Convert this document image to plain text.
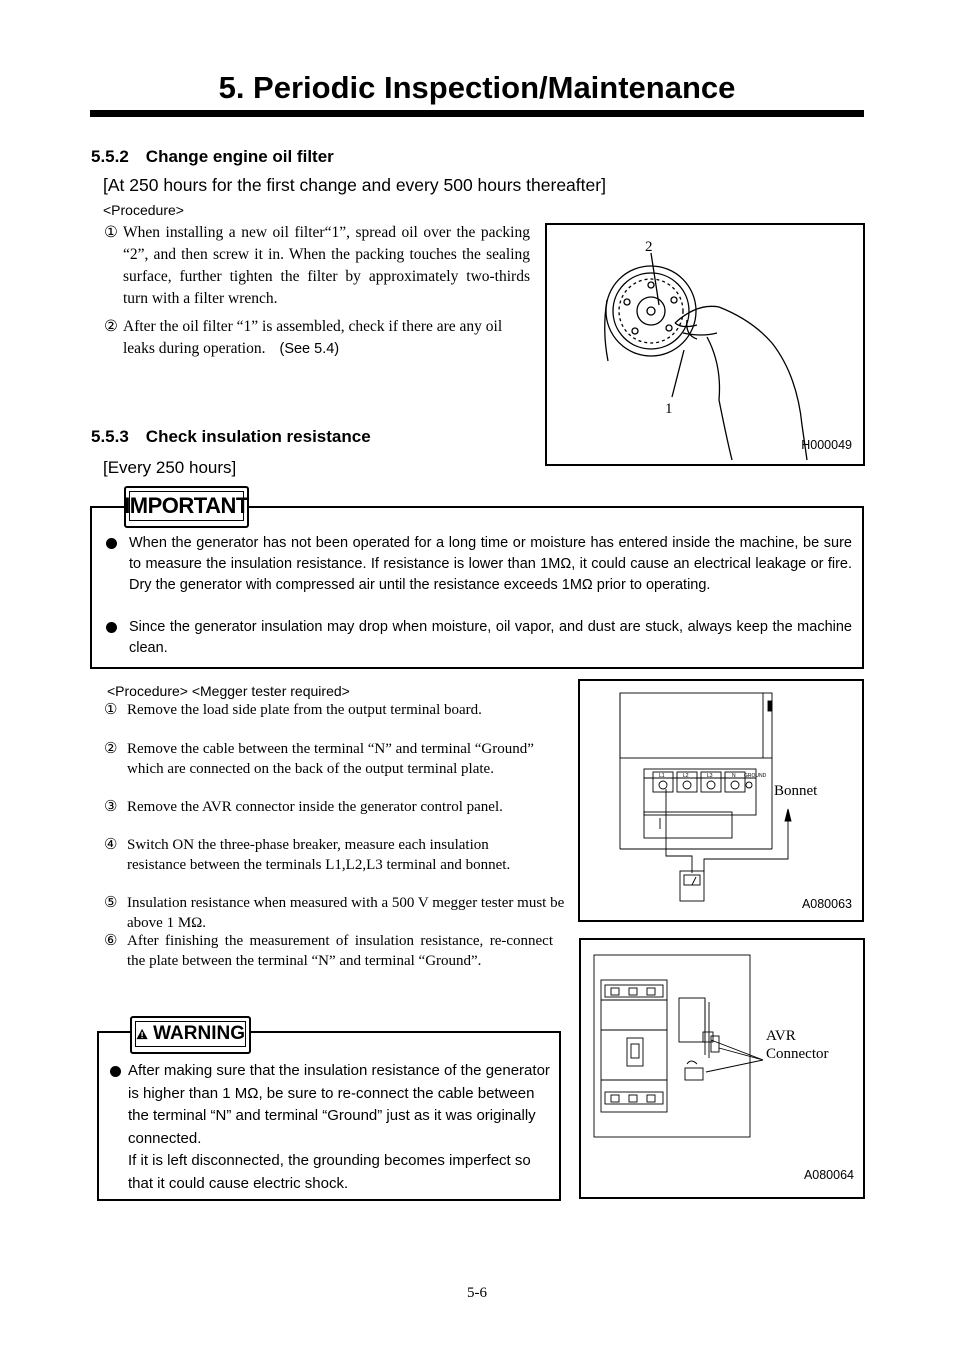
5. Periodic Inspection/Maintenance
5.5.2　Change engine oil filter
[At 250 hours for the first change and every 500 hours thereafter]
<Procedure>
① When installing a new oil filter“1”, spread oil over the packing “2”, and then screw it in. When the packing touches the sealing surface, further tighten the filter by approximately two-thirds turn with a filter wrench.
② After the oil filter “1” is assembled, check if there are any oil leaks during operation. (See 5.4)
2
1
H000049
5.5.3　Check insulation resistance
[Every 250 hours]
When the generator has not been operated for a long time or moisture has entered inside the machine, be sure to measure the insulation resistance. If resistance is lower than 1MΩ, it could cause an electrical leakage or fire. Dry the generator with compressed air until the resistance exceeds 1MΩ prior to operating.
Since the generator insulation may drop when moisture, oil vapor, and dust are stuck, always keep the machine clean.
IMPORTANT
<Procedure> <Megger tester required>
① Remove the load side plate from the output terminal board.
② Remove the cable between the terminal “N” and terminal “Ground” which are connected on the back of the output terminal plate.
③ Remove the AVR connector inside the generator control panel.
④ Switch ON the three-phase breaker, measure each insulation resistance between the terminals L1,L2,L3 terminal and bonnet.
⑤ Insulation resistance when measured with a 500 V megger tester must be above 1 MΩ.
⑥ After finishing the measurement of insulation resistance, re-connect the plate between the terminal “N” and terminal “Ground”.
L1	L2	L3	N GROUND
Bonnet
A080063
AVR
Connector
A080064
After making sure that the insulation resistance of the generator is higher than 1 MΩ, be sure to re-connect the cable between the terminal “N” and terminal “Ground” just as it was originally connected.
If it is left disconnected, the grounding becomes imperfect so that it could cause electric shock.
WARNING
5-6
